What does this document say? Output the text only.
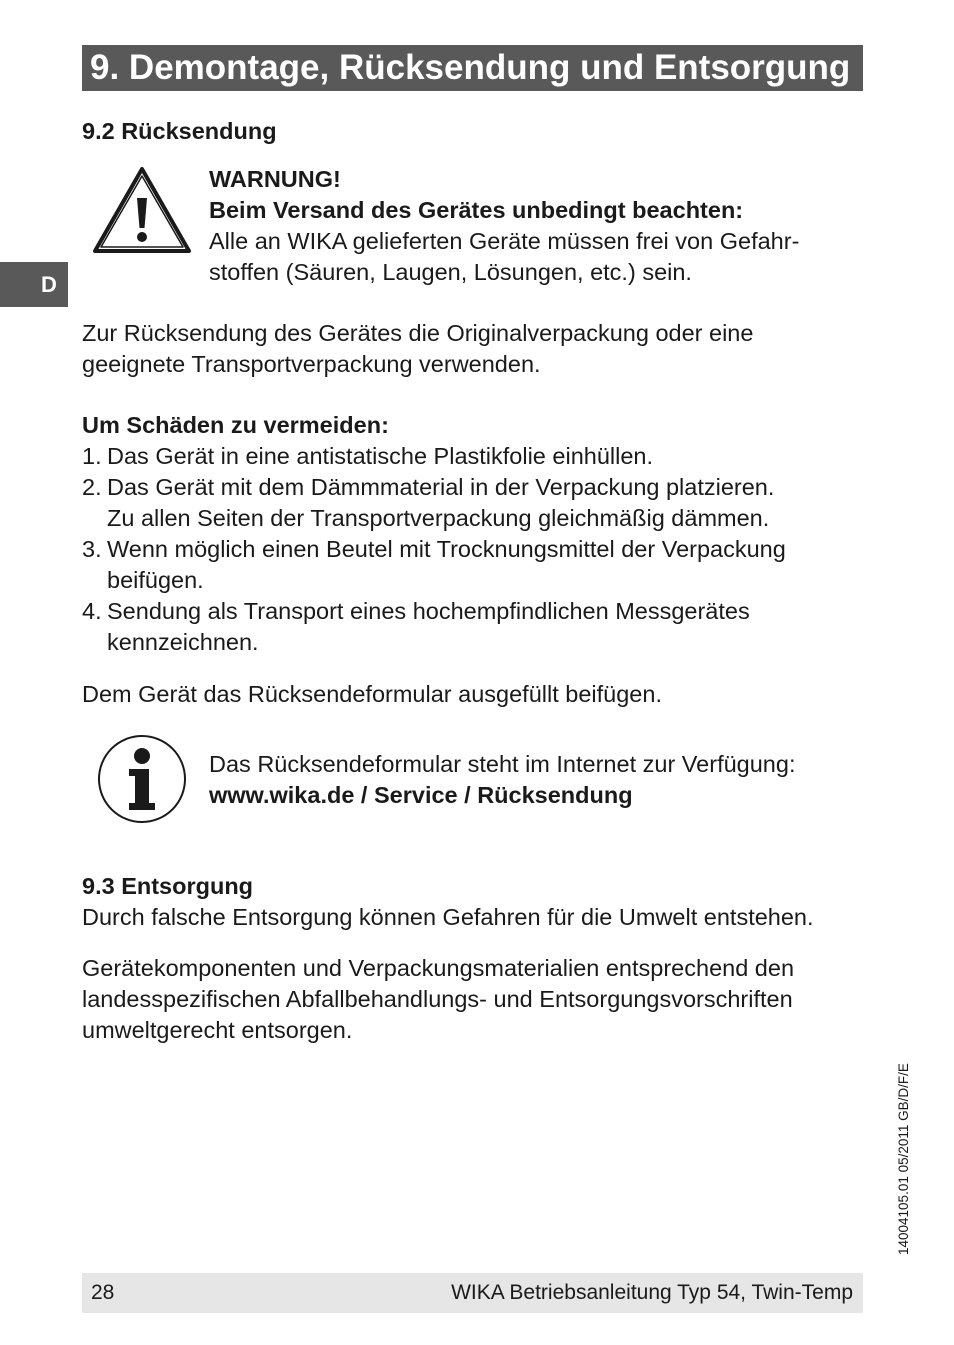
9. Demontage, Rücksendung und Entsorgung
D
9.2 Rücksendung
WARNUNG!
Beim Versand des Gerätes unbedingt beachten:
Alle an WIKA gelieferten Geräte müssen frei von Gefahr-
stoffen (Säuren, Laugen, Lösungen, etc.) sein.
Zur Rücksendung des Gerätes die Originalverpackung oder eine
geeignete Transportverpackung verwenden.
Um Schäden zu vermeiden:
1. Das Gerät in eine antistatische Plastikfolie einhüllen.
2. Das Gerät mit dem Dämmmaterial in der Verpackung platzieren.
Zu allen Seiten der Transportverpackung gleichmäßig dämmen.
3. Wenn möglich einen Beutel mit Trocknungsmittel der Verpackung
beifügen.
4. Sendung als Transport eines hochempfindlichen Messgerätes
kennzeichnen.
Dem Gerät das Rücksendeformular ausgefüllt beifügen.
Das Rücksendeformular steht im Internet zur Verfügung:
www.wika.de / Service / Rücksendung
9.3 Entsorgung
Durch falsche Entsorgung können Gefahren für die Umwelt entstehen.
Gerätekomponenten und Verpackungsmaterialien entsprechend den
landesspezifischen Abfallbehandlungs- und Entsorgungsvorschriften
umweltgerecht entsorgen.
14004105.01 05/2011 GB/D/F/E
28	WIKA Betriebsanleitung Typ 54, Twin-Temp
